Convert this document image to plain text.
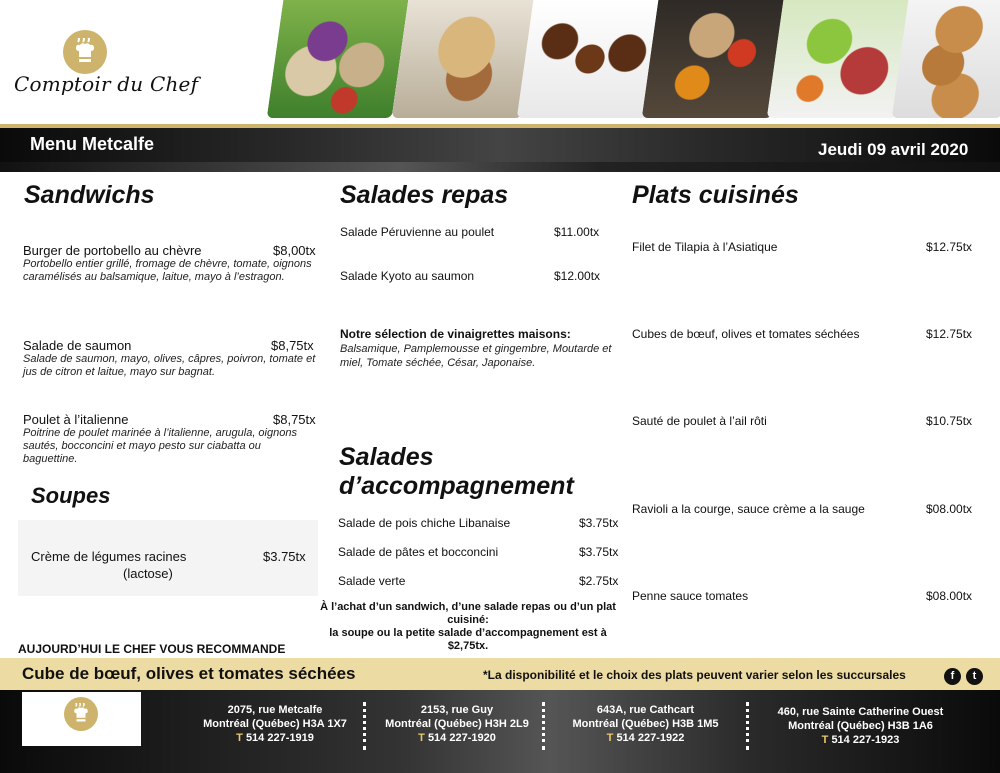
Comptoir du Chef
Menu Metcalfe	Jeudi 09 avril 2020
Sandwichs
Burger de portobello au chèvre	$8,00tx
Portobello entier grillé, fromage de chèvre, tomate, oignons caramélisés au balsamique, laitue, mayo à l’estragon.
Salade de saumon	$8,75tx
Salade de saumon, mayo, olives, câpres, poivron, tomate et jus de citron et laitue, mayo sur bagnat.
Poulet à l’italienne	$8,75tx
Poitrine de poulet marinée à l’italienne, arugula, oignons sautés, bocconcini et mayo pesto sur ciabatta ou baguettine.
Soupes
Crème de légumes racines
(lactose)
$3.75tx
Salades repas
Salade Péruvienne au poulet	$11.00tx
Salade Kyoto au saumon	$12.00tx
Notre sélection de vinaigrettes maisons:
Balsamique, Pamplemousse et gingembre, Moutarde et miel, Tomate séchée, César, Japonaise.
Salades
d’accompagnement
Salade de pois chiche Libanaise	$3.75tx
Salade de pâtes et bocconcini	$3.75tx
Salade verte	$2.75tx
À l’achat d’un sandwich, d’une salade repas ou d’un plat
cuisiné:
la soupe ou la petite salade d’accompagnement est à
$2,75tx.
Plats cuisinés
Filet de Tilapia à l’Asiatique	$12.75tx
Cubes de bœuf, olives et tomates séchées	$12.75tx
Sauté de poulet à l’ail rôti	$10.75tx
Ravioli a la courge, sauce crème a la sauge	$08.00tx
Penne sauce tomates	$08.00tx
AUJOURD’HUI LE CHEF VOUS RECOMMANDE
Cube de bœuf, olives et tomates séchées	*La disponibilité et le choix des plats peuvent varier selon les succursales	f	t
2075, rue Metcalfe
Montréal (Québec) H3A 1X7
T 514 227-1919
2153, rue Guy
Montréal (Québec) H3H 2L9
T 514 227-1920
643A, rue Cathcart
Montréal (Québec) H3B 1M5
T 514 227-1922
460, rue Sainte Catherine Ouest
Montréal (Québec) H3B 1A6
T 514 227-1923
